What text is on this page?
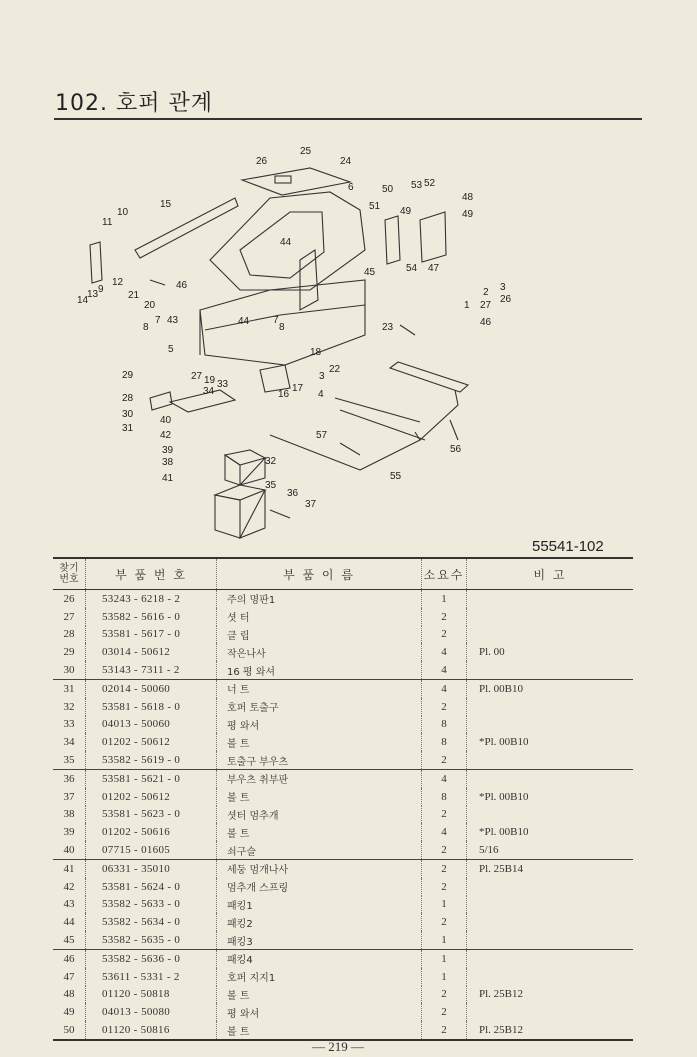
102. 호퍼 관계
25
26	24
6	50 53 52
48
49
51 49
15
10
11
12
9
13
14
44
21
20
46
45	54 47
2 3
26
1 27
46
8
7 43	44 7
8	23
5
29
28
30
31
27 19 33
34	16
17
3
4
18
22
40
42
39
38
41
32
35
36
37
57
55
56
55541-102
찾기
번호	부 품 번 호	부 품 이 름	소요수	비 고
26	53243 - 6218 - 2	주의 명판1	1	
27	53582 - 5616 - 0	셧 터	2	
28	53581 - 5617 - 0	클 립	2	
29	03014 - 50612	작은나사	4	Pl. 00
30	53143 - 7311 - 2	16 평 와셔	4	
31	02014 - 50060	너 트	4	Pl. 00B10
32	53581 - 5618 - 0	호퍼 토출구	2	
33	04013 - 50060	평 와셔	8	
34	01202 - 50612	볼 트	8	*Pl. 00B10
35	53582 - 5619 - 0	토출구 부우츠	2	
36	53581 - 5621 - 0	부우츠 취부판	4	
37	01202 - 50612	볼 트	8	*Pl. 00B10
38	53581 - 5623 - 0	셧터 멈추개	2	
39	01202 - 50616	볼 트	4	*Pl. 00B10
40	07715 - 01605	쇠구슬	2	5/16
41	06331 - 35010	세둥 멈개나사	2	Pl. 25B14
42	53581 - 5624 - 0	멈추개 스프링	2	
43	53582 - 5633 - 0	패킹1	1	
44	53582 - 5634 - 0	패킹2	2	
45	53582 - 5635 - 0	패킹3	1	
46	53582 - 5636 - 0	패킹4	1	
47	53611 - 5331 - 2	호퍼 지지1	1	
48	01120 - 50818	볼 트	2	Pl. 25B12
49	04013 - 50080	평 와셔	2	
50	01120 - 50816	볼 트	2	Pl. 25B12
— 219 —
